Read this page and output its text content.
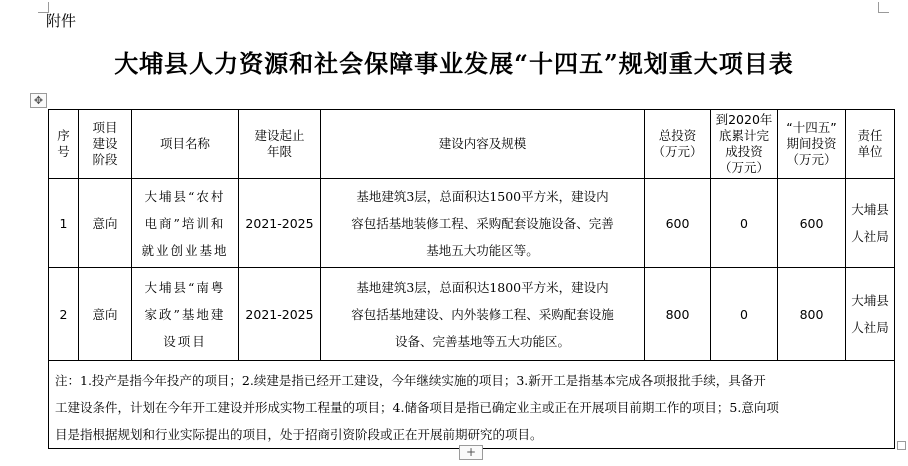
附件
大埔县人力资源和社会保障事业发展“十四五”规划重大项目表
✥
序
号	项目
建设
阶段	项目名称	建设起止
年限	建设内容及规模	总投资
（万元）	到2020年
底累计完
成投资
（万元）	“十四五”
期间投资
（万元）	责任
单位

1	意向	大埔县“农村
电商”培训和
就业创业基地	2021-2025	基地建筑3层，总面积达1500平方米，建设内
容包括基地装修工程、采购配套设施设备、完善
基地五大功能区等。	600	0	600	大埔县
人社局

2	意向	大埔县“南粤
家政”基地建
设项目	2021-2025	基地建筑3层，总面积达1800平方米，建设内
容包括基地建设、内外装修工程、采购配套设施
设备、完善基地等五大功能区。	800	0	800	大埔县
人社局

注：1.投产是指今年投产的项目；2.续建是指已经开工建设，今年继续实施的项目；3.新开工是指基本完成各项报批手续，具备开
工建设条件，计划在今年开工建设并形成实物工程量的项目；4.储备项目是指已确定业主或正在开展项目前期工作的项目；5.意向项
目是指根据规划和行业实际提出的项目，处于招商引资阶段或正在开展前期研究的项目。								
+
